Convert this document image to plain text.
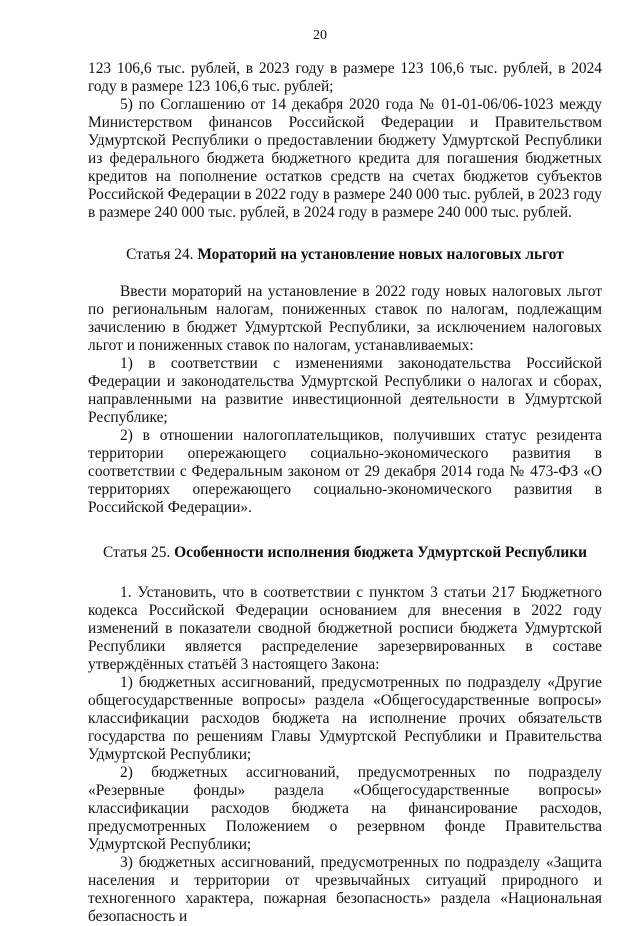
20

123 106,6 тыс. рублей, в 2023 году в размере 123 106,6 тыс. рублей, в 2024 году в размере 123 106,6 тыс. рублей;

5) по Соглашению от 14 декабря 2020 года № 01-01-06/06-1023 между Министерством финансов Российской Федерации и Правительством Удмуртской Республики о предоставлении бюджету Удмуртской Республики из федерального бюджета бюджетного кредита для погашения бюджетных кредитов на пополнение остатков средств на счетах бюджетов субъектов Российской Федерации в 2022 году в размере 240 000 тыс. рублей, в 2023 году в размере 240 000 тыс. рублей, в 2024 году в размере 240 000 тыс. рублей.

Статья 24. Мораторий на установление новых налоговых льгот

Ввести мораторий на установление в 2022 году новых налоговых льгот по региональным налогам, пониженных ставок по налогам, подлежащим зачислению в бюджет Удмуртской Республики, за исключением налоговых льгот и пониженных ставок по налогам, устанавливаемых:

1) в соответствии с изменениями законодательства Российской Федерации и законодательства Удмуртской Республики о налогах и сборах, направленными на развитие инвестиционной деятельности в Удмуртской Республике;

2) в отношении налогоплательщиков, получивших статус резидента территории опережающего социально-экономического развития в соответствии с Федеральным законом от 29 декабря 2014 года № 473-ФЗ «О территориях опережающего социально-экономического развития в Российской Федерации».

Статья 25. Особенности исполнения бюджета Удмуртской Республики

1. Установить, что в соответствии с пунктом 3 статьи 217 Бюджетного кодекса Российской Федерации основанием для внесения в 2022 году изменений в показатели сводной бюджетной росписи бюджета Удмуртской Республики является распределение зарезервированных в составе утверждённых статьёй 3 настоящего Закона:

1) бюджетных ассигнований, предусмотренных по подразделу «Другие общегосударственные вопросы» раздела «Общегосударственные вопросы» классификации расходов бюджета на исполнение прочих обязательств государства по решениям Главы Удмуртской Республики и Правительства Удмуртской Республики;

2) бюджетных ассигнований, предусмотренных по подразделу «Резервные фонды» раздела «Общегосударственные вопросы» классификации расходов бюджета на финансирование расходов, предусмотренных Положением о резервном фонде Правительства Удмуртской Республики;

3) бюджетных ассигнований, предусмотренных по подразделу «Защита населения и территории от чрезвычайных ситуаций природного и техногенного характера, пожарная безопасность» раздела «Национальная безопасность и
